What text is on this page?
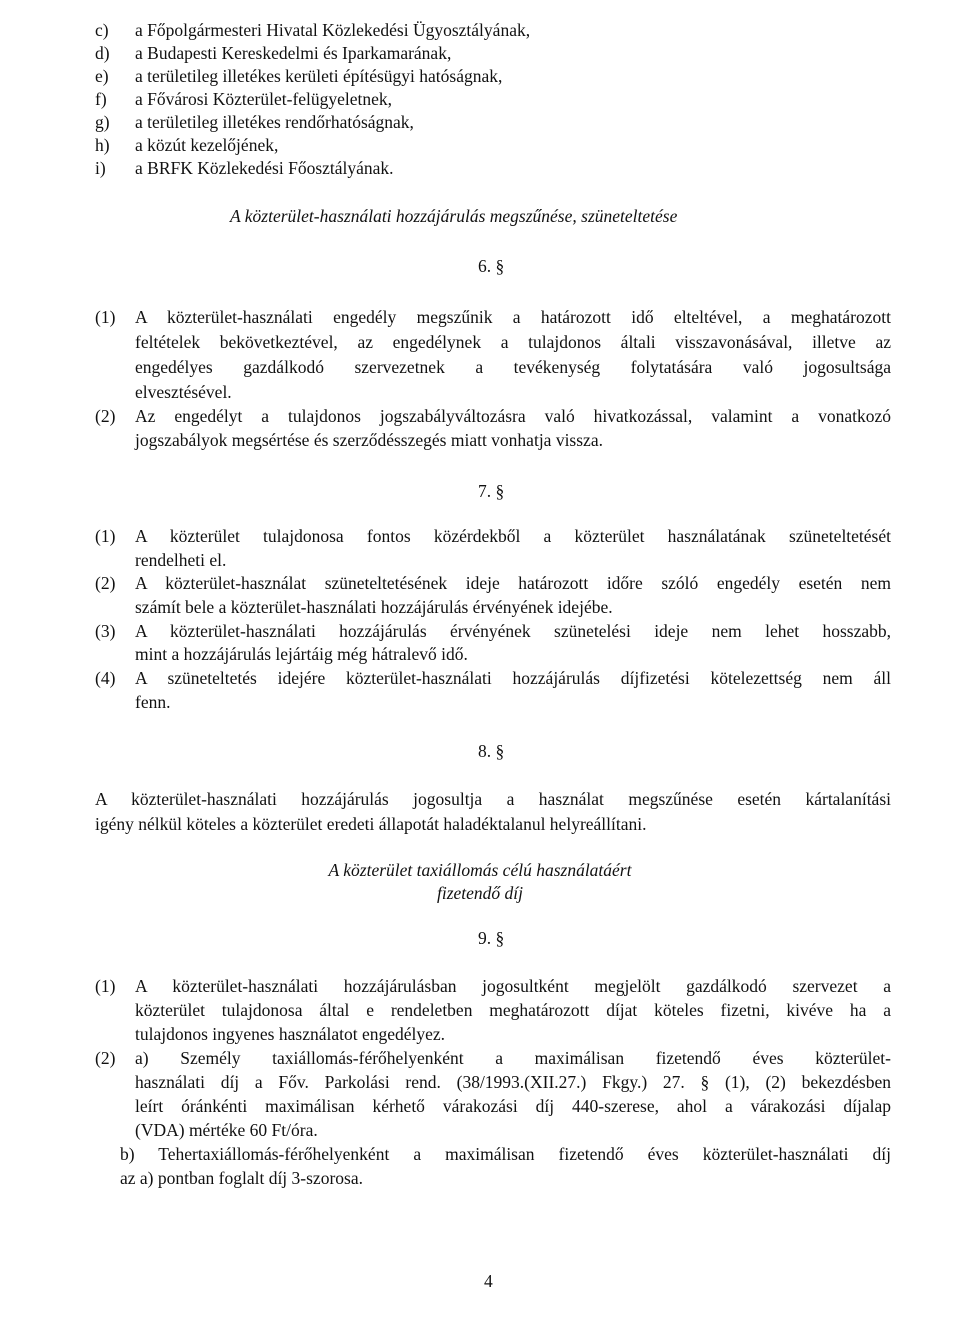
c) a Főpolgármesteri Hivatal Közlekedési Ügyosztályának,
d) a Budapesti Kereskedelmi és Iparkamarának,
e) a területileg illetékes kerületi építésügyi hatóságnak,
f) a Fővárosi Közterület-felügyeletnek,
g) a területileg illetékes rendőrhatóságnak,
h) a közút kezelőjének,
i) a BRFK Közlekedési Főosztályának.
A közterület-használati hozzájárulás megszűnése, szüneteltetése
6. §
(1) A közterület-használati engedély megszűnik a határozott idő elteltével, a meghatározott
feltételek bekövetkeztével, az engedélynek a tulajdonos általi visszavonásával, illetve az
engedélyes gazdálkodó szervezetnek a tevékenység folytatására való jogosultsága
elvesztésével.
(2) Az engedélyt a tulajdonos jogszabályváltozásra való hivatkozással, valamint a vonatkozó
jogszabályok megsértése és szerződésszegés miatt vonhatja vissza.
7. §
(1) A közterület tulajdonosa fontos közérdekből a közterület használatának szüneteltetését
rendelheti el.
(2) A közterület-használat szüneteltetésének ideje határozott időre szóló engedély esetén nem
számít bele a közterület-használati hozzájárulás érvényének idejébe.
(3) A közterület-használati hozzájárulás érvényének szünetelési ideje nem lehet hosszabb,
mint a hozzájárulás lejártáig még hátralevő idő.
(4) A szüneteltetés idejére közterület-használati hozzájárulás díjfizetési kötelezettség nem áll
fenn.
8. §
A közterület-használati hozzájárulás jogosultja a használat megszűnése esetén kártalanítási
igény nélkül köteles a közterület eredeti állapotát haladéktalanul helyreállítani.
A közterület taxiállomás célú használatáért
fizetendő díj
9. §
(1) A közterület-használati hozzájárulásban jogosultként megjelölt gazdálkodó szervezet a
közterület tulajdonosa által e rendeletben meghatározott díjat köteles fizetni, kivéve ha a
tulajdonos ingyenes használatot engedélyez.
(2) a) Személy taxiállomás-férőhelyenként a maximálisan fizetendő éves közterület-
használati díj a Főv. Parkolási rend. (38/1993.(XII.27.) Fkgy.) 27. § (1), (2) bekezdésben
leírt óránkénti maximálisan kérhető várakozási díj 440-szerese, ahol a várakozási díjalap
(VDA) mértéke 60 Ft/óra.
b) Tehertaxiállomás-férőhelyenként a maximálisan fizetendő éves közterület-használati díj
az a) pontban foglalt díj 3-szorosa.
4
